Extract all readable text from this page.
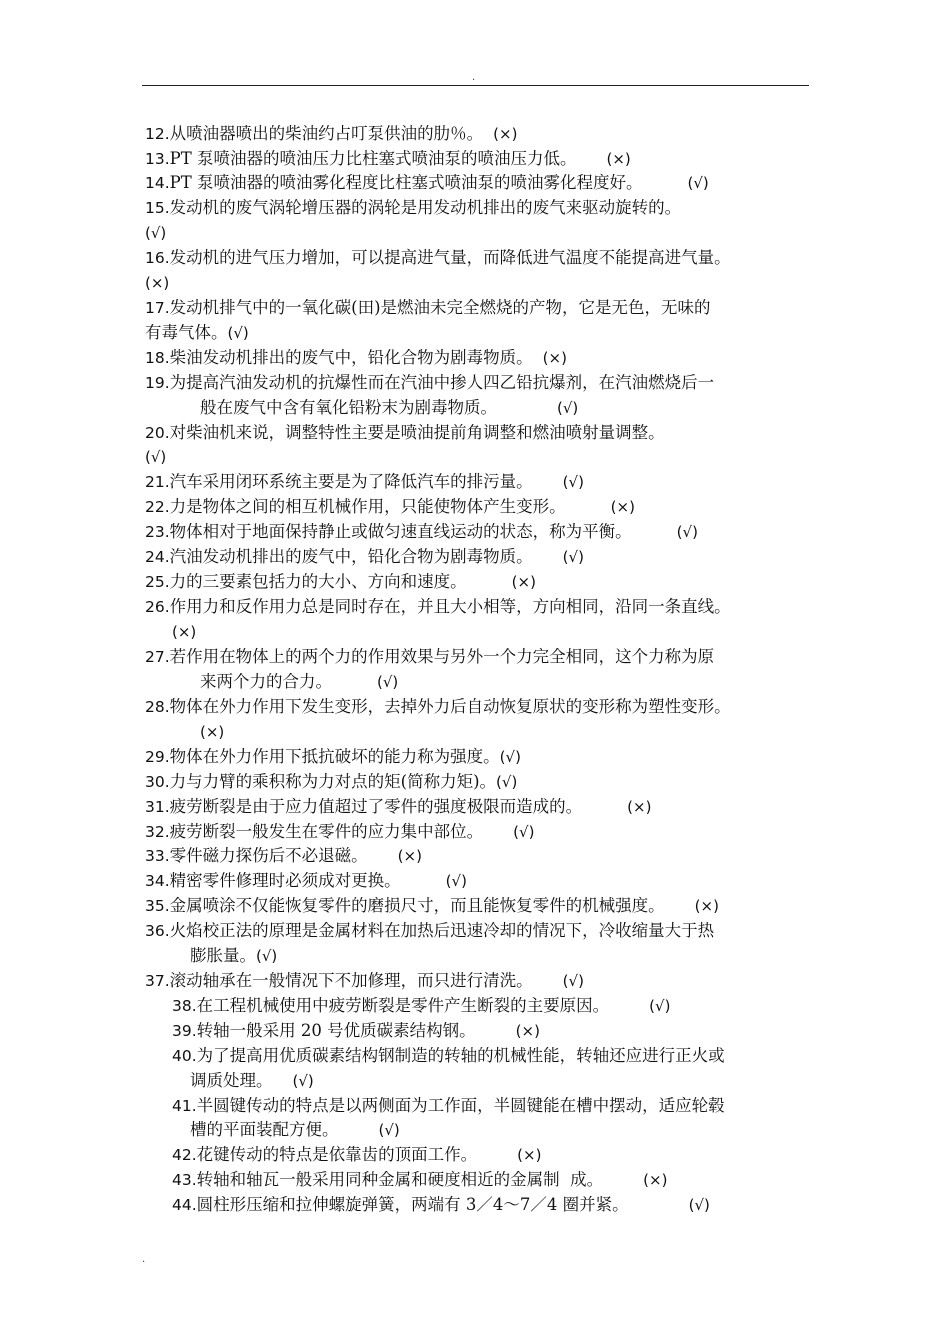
.
12.从喷油器喷出的柴油约占叮泵供油的肋％。 (×)
13.PT 泵喷油器的喷油压力比柱塞式喷油泵的喷油压力低。 (×)
14.PT 泵喷油器的喷油雾化程度比柱塞式喷油泵的喷油雾化程度好。	(√)
15.发动机的废气涡轮增压器的涡轮是用发动机排出的废气来驱动旋转的。
(√)
16.发动机的进气压力增加，可以提高进气量，而降低进气温度不能提高进气量。
(×)
17.发动机排气中的一氧化碳(田)是燃油未完全燃烧的产物，它是无色，无味的
有毒气体。(√)
18.柴油发动机排出的废气中，铅化合物为剧毒物质。 (×)
19.为提高汽油发动机的抗爆性而在汽油中掺人四乙铅抗爆剂，在汽油燃烧后一
般在废气中含有氧化铅粉末为剧毒物质。	(√)
20.对柴油机来说，调整特性主要是喷油提前角调整和燃油喷射量调整。
(√)
21.汽车采用闭环系统主要是为了降低汽车的排污量。 (√)
22.力是物体之间的相互机械作用，只能使物体产生变形。	(×)
23.物体相对于地面保持静止或做匀速直线运动的状态，称为平衡。	(√)
24.汽油发动机排出的废气中，铅化合物为剧毒物质。 (√)
25.力的三要素包括力的大小、方向和速度。	(×)
26.作用力和反作用力总是同时存在，并且大小相等，方向相同，沿同一条直线。
(×)
27.若作用在物体上的两个力的作用效果与另外一个力完全相同，这个力称为原
来两个力的合力。	(√)
28.物体在外力作用下发生变形，去掉外力后自动恢复原状的变形称为塑性变形。
(×)
29.物体在外力作用下抵抗破坏的能力称为强度。(√)
30.力与力臂的乘积称为力对点的矩(简称力矩)。(√)
31.疲劳断裂是由于应力值超过了零件的强度极限而造成的。	(×)
32.疲劳断裂一般发生在零件的应力集中部位。 (√)
33.零件磁力探伤后不必退磁。 (×)
34.精密零件修理时必须成对更换。	(√)
35.金属喷涂不仅能恢复零件的磨损尺寸，而且能恢复零件的机械强度。 (×)
36.火焰校正法的原理是金属材料在加热后迅速冷却的情况下，冷收缩量大于热
膨胀量。(√)
37.滚动轴承在一般情况下不加修理，而只进行清洗。 (√)
38.在工程机械使用中疲劳断裂是零件产生断裂的主要原因。	(√)
39.转轴一般采用 20 号优质碳素结构钢。	(×)
40.为了提高用优质碳素结构钢制造的转轴的机械性能，转轴还应进行正火或
调质处理。 (√)
41.半圆键传动的特点是以两侧面为工作面，半圆键能在槽中摆动，适应轮毂
槽的平面装配方便。	(√)
42.花键传动的特点是依靠齿的顶面工作。	(×)
43.转轴和轴瓦一般采用同种金属和硬度相近的金属制  成。	(×)
44.圆柱形压缩和拉伸螺旋弹簧，两端有 3／4～7／4 圈并紧。	(√)
.
